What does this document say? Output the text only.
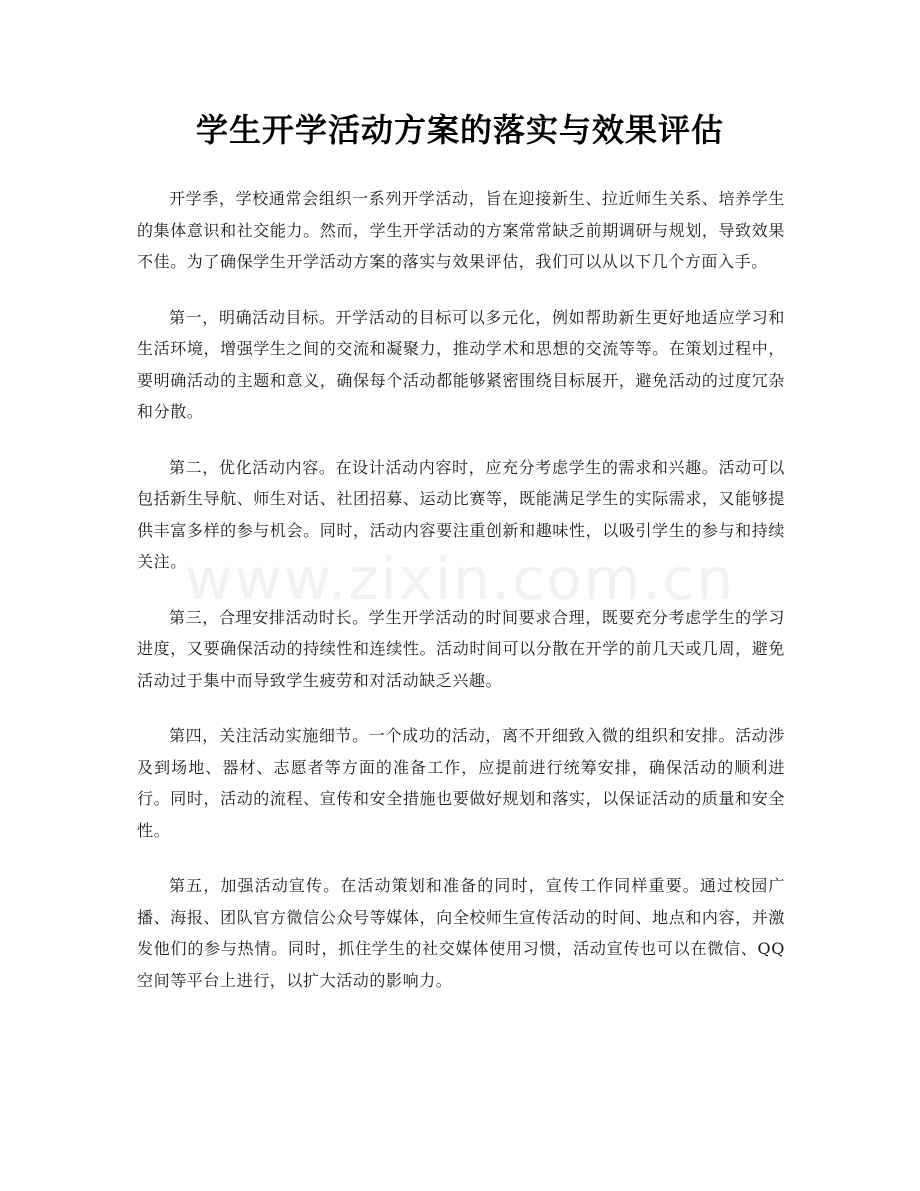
学生开学活动方案的落实与效果评估

开学季，学校通常会组织一系列开学活动，旨在迎接新生、拉近师生关系、培养学生的集体意识和社交能力。然而，学生开学活动的方案常常缺乏前期调研与规划，导致效果不佳。为了确保学生开学活动方案的落实与效果评估，我们可以从以下几个方面入手。

第一，明确活动目标。开学活动的目标可以多元化，例如帮助新生更好地适应学习和生活环境，增强学生之间的交流和凝聚力，推动学术和思想的交流等等。在策划过程中，要明确活动的主题和意义，确保每个活动都能够紧密围绕目标展开，避免活动的过度冗杂和分散。

第二，优化活动内容。在设计活动内容时，应充分考虑学生的需求和兴趣。活动可以包括新生导航、师生对话、社团招募、运动比赛等，既能满足学生的实际需求，又能够提供丰富多样的参与机会。同时，活动内容要注重创新和趣味性，以吸引学生的参与和持续关注。

第三，合理安排活动时长。学生开学活动的时间要求合理，既要充分考虑学生的学习进度，又要确保活动的持续性和连续性。活动时间可以分散在开学的前几天或几周，避免活动过于集中而导致学生疲劳和对活动缺乏兴趣。

第四，关注活动实施细节。一个成功的活动，离不开细致入微的组织和安排。活动涉及到场地、器材、志愿者等方面的准备工作，应提前进行统筹安排，确保活动的顺利进行。同时，活动的流程、宣传和安全措施也要做好规划和落实，以保证活动的质量和安全性。

第五，加强活动宣传。在活动策划和准备的同时，宣传工作同样重要。通过校园广播、海报、团队官方微信公众号等媒体，向全校师生宣传活动的时间、地点和内容，并激发他们的参与热情。同时，抓住学生的社交媒体使用习惯，活动宣传也可以在微信、QQ空间等平台上进行，以扩大活动的影响力。

www.zixin.com.cn
